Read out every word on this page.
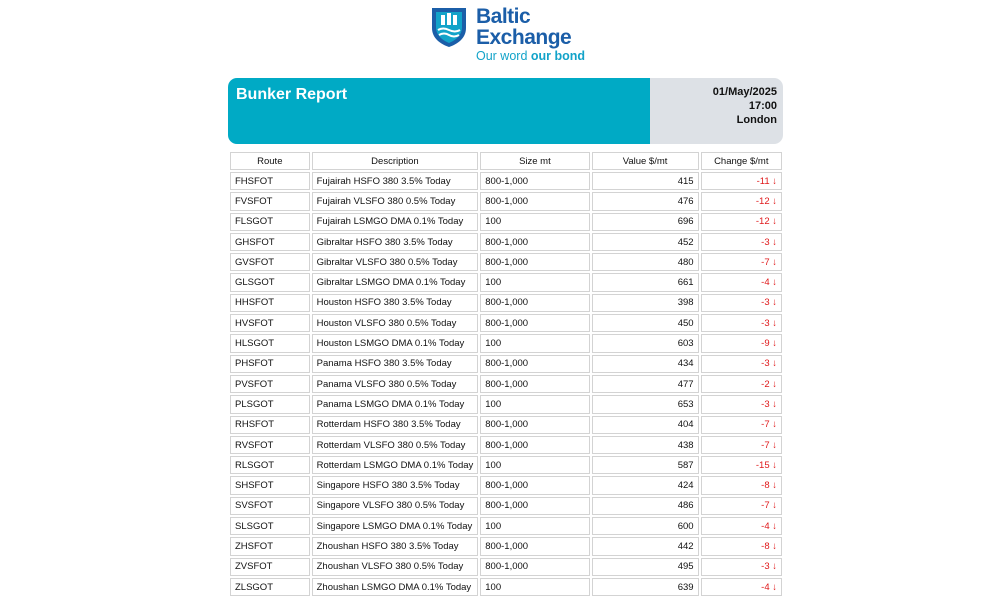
Baltic
Exchange
Our word our bond
Bunker Report	01/May/2025
17:00
London
Route	Description	Size mt	Value $/mt	Change $/mt
FHSFOT	Fujairah HSFO 380 3.5% Today	800-1,000	415	-11 ↓
FVSFOT	Fujairah VLSFO 380 0.5% Today	800-1,000	476	-12 ↓
FLSGOT	Fujairah LSMGO DMA 0.1% Today	100	696	-12 ↓
GHSFOT	Gibraltar HSFO 380 3.5% Today	800-1,000	452	-3 ↓
GVSFOT	Gibraltar VLSFO 380 0.5% Today	800-1,000	480	-7 ↓
GLSGOT	Gibraltar LSMGO DMA 0.1% Today	100	661	-4 ↓
HHSFOT	Houston HSFO 380 3.5% Today	800-1,000	398	-3 ↓
HVSFOT	Houston VLSFO 380 0.5% Today	800-1,000	450	-3 ↓
HLSGOT	Houston LSMGO DMA 0.1% Today	100	603	-9 ↓
PHSFOT	Panama HSFO 380 3.5% Today	800-1,000	434	-3 ↓
PVSFOT	Panama VLSFO 380 0.5% Today	800-1,000	477	-2 ↓
PLSGOT	Panama LSMGO DMA 0.1% Today	100	653	-3 ↓
RHSFOT	Rotterdam HSFO 380 3.5% Today	800-1,000	404	-7 ↓
RVSFOT	Rotterdam VLSFO 380 0.5% Today	800-1,000	438	-7 ↓
RLSGOT	Rotterdam LSMGO DMA 0.1% Today	100	587	-15 ↓
SHSFOT	Singapore HSFO 380 3.5% Today	800-1,000	424	-8 ↓
SVSFOT	Singapore VLSFO 380 0.5% Today	800-1,000	486	-7 ↓
SLSGOT	Singapore LSMGO DMA 0.1% Today	100	600	-4 ↓
ZHSFOT	Zhoushan HSFO 380 3.5% Today	800-1,000	442	-8 ↓
ZVSFOT	Zhoushan VLSFO 380 0.5% Today	800-1,000	495	-3 ↓
ZLSGOT	Zhoushan LSMGO DMA 0.1% Today	100	639	-4 ↓
